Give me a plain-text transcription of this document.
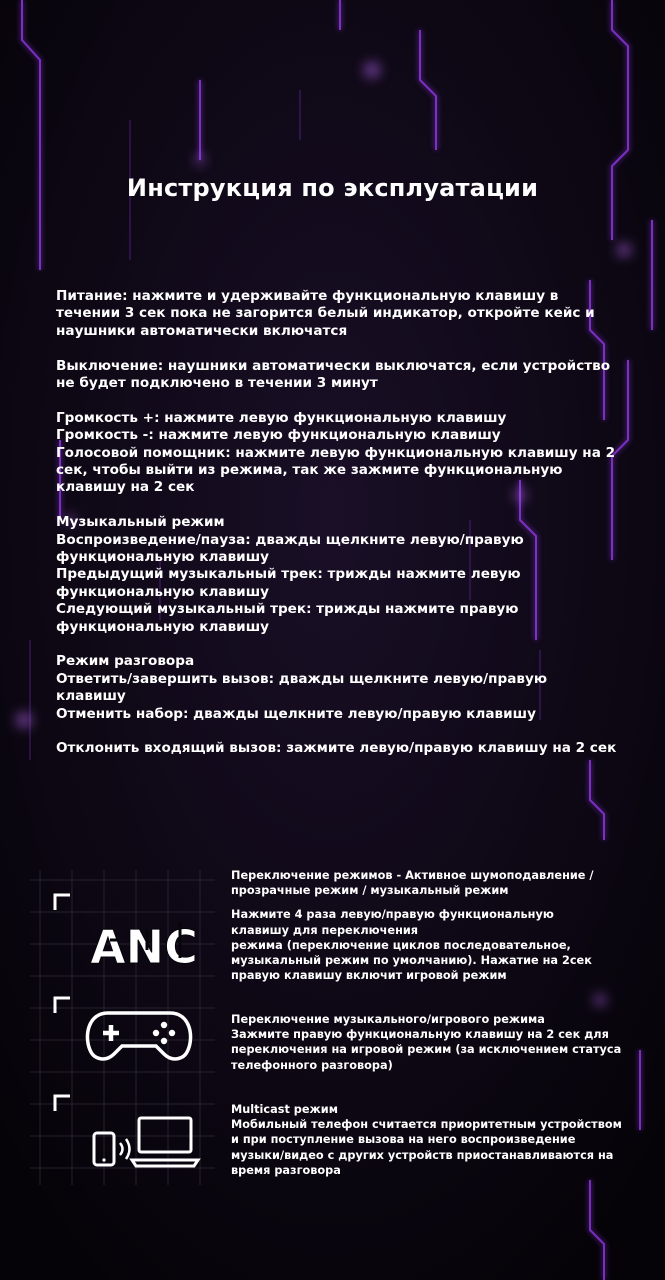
Инструкция по эксплуатации
Питание: нажмите и удерживайте функциональную клавишу в
течении 3 сек пока не загорится белый индикатор, откройте кейс и
наушники автоматически включатся
Выключение: наушники автоматически выключатся, если устройство
не будет подключено в течении 3 минут
Громкость +: нажмите левую функциональную клавишу
Громкость -: нажмите левую функциональную клавишу
Голосовой помощник: нажмите левую функциональную клавишу на 2
сек, чтобы выйти из режима, так же зажмите функциональную
клавишу на 2 сек
Музыкальный режим
Воспроизведение/пауза: дважды щелкните левую/правую
функциональную клавишу
Предыдущий музыкальный трек: трижды нажмите левую
функциональную клавишу
Следующий музыкальный трек: трижды нажмите правую
функциональную клавишу
Режим разговора
Ответить/завершить вызов: дважды щелкните левую/правую
клавишу
Отменить набор: дважды щелкните левую/правую клавишу
Отклонить входящий вызов: зажмите левую/правую клавишу на 2 сек
ANC
Переключение режимов - Активное шумоподавление /
прозрачные режим / музыкальный режим
Нажмите 4 раза левую/правую функциональную
клавишу для переключения
режима (переключение циклов последовательное,
музыкальный режим по умолчанию). Нажатие на 2сек
правую клавишу включит игровой режим
Переключение музыкального/игрового режима
Зажмите правую функциональную клавишу на 2 сек для
переключения на игровой режим (за исключением статуса
телефонного разговора)
Multicast режим
Мобильный телефон считается приоритетным устройством
и при поступление вызова на него воспроизведение
музыки/видео с других устройств приостанавливаются на
время разговора
